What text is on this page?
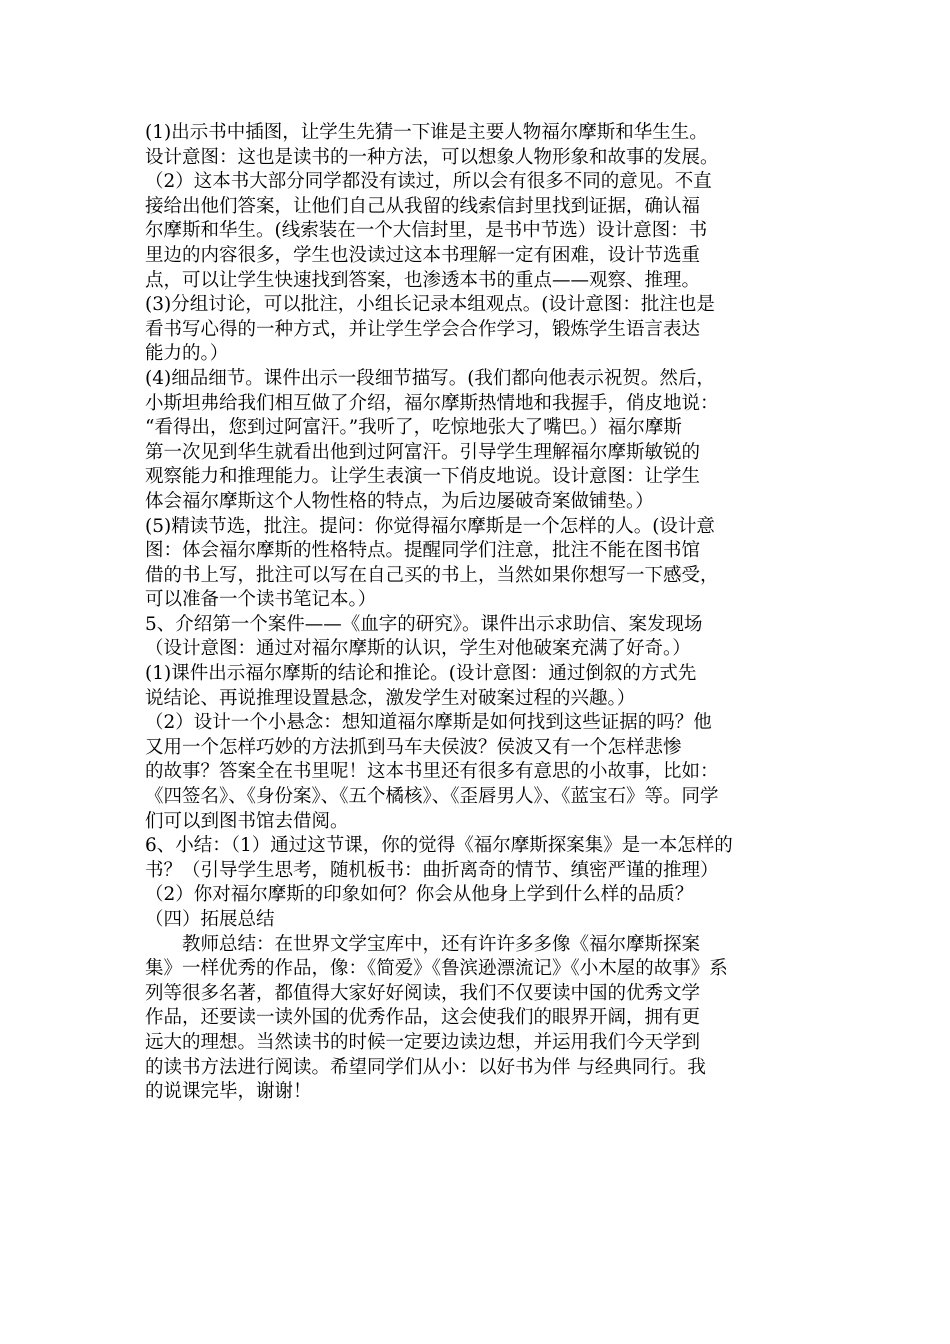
(1)出示书中插图，让学生先猜一下谁是主要人物福尔摩斯和华生生。
设计意图：这也是读书的一种方法，可以想象人物形象和故事的发展。
（2）这本书大部分同学都没有读过，所以会有很多不同的意见。不直
接给出他们答案，让他们自己从我留的线索信封里找到证据，确认福
尔摩斯和华生。(线索装在一个大信封里，是书中节选）设计意图：书
里边的内容很多，学生也没读过这本书理解一定有困难，设计节选重
点，可以让学生快速找到答案，也渗透本书的重点——观察、推理。
(3)分组讨论，可以批注，小组长记录本组观点。(设计意图：批注也是
看书写心得的一种方式，并让学生学会合作学习，锻炼学生语言表达
能力的。）
(4)细品细节。课件出示一段细节描写。(我们都向他表示祝贺。然后，
小斯坦弗给我们相互做了介绍，福尔摩斯热情地和我握手，俏皮地说：
“看得出，您到过阿富汗。”我听了，吃惊地张大了嘴巴。）福尔摩斯
第一次见到华生就看出他到过阿富汗。引导学生理解福尔摩斯敏锐的
观察能力和推理能力。让学生表演一下俏皮地说。设计意图：让学生
体会福尔摩斯这个人物性格的特点，为后边屡破奇案做铺垫。）
(5)精读节选，批注。提问：你觉得福尔摩斯是一个怎样的人。(设计意
图：体会福尔摩斯的性格特点。提醒同学们注意，批注不能在图书馆
借的书上写，批注可以写在自己买的书上，当然如果你想写一下感受，
可以准备一个读书笔记本。）
5、介绍第一个案件——《血字的研究》。课件出示求助信、案发现场
（设计意图：通过对福尔摩斯的认识，学生对他破案充满了好奇。）
(1)课件出示福尔摩斯的结论和推论。(设计意图：通过倒叙的方式先
说结论、再说推理设置悬念，激发学生对破案过程的兴趣。）
（2）设计一个小悬念：想知道福尔摩斯是如何找到这些证据的吗？他
又用一个怎样巧妙的方法抓到马车夫侯波？侯波又有一个怎样悲惨
的故事？答案全在书里呢！这本书里还有很多有意思的小故事，比如：
《四签名》、《身份案》、《五个橘核》、《歪唇男人》、《蓝宝石》等。同学
们可以到图书馆去借阅。
6、小结：（1）通过这节课，你的觉得《福尔摩斯探案集》是一本怎样的
书？（引导学生思考，随机板书：曲折离奇的情节、缜密严谨的推理）
（2）你对福尔摩斯的印象如何？你会从他身上学到什么样的品质？
（四）拓展总结
　　教师总结：在世界文学宝库中，还有许许多多像《福尔摩斯探案
集》一样优秀的作品，像：《简爱》《鲁滨逊漂流记》《小木屋的故事》系
列等很多名著，都值得大家好好阅读，我们不仅要读中国的优秀文学
作品，还要读一读外国的优秀作品，这会使我们的眼界开阔，拥有更
远大的理想。当然读书的时候一定要边读边想，并运用我们今天学到
的读书方法进行阅读。希望同学们从小：以好书为伴 与经典同行。我
的说课完毕，谢谢！
